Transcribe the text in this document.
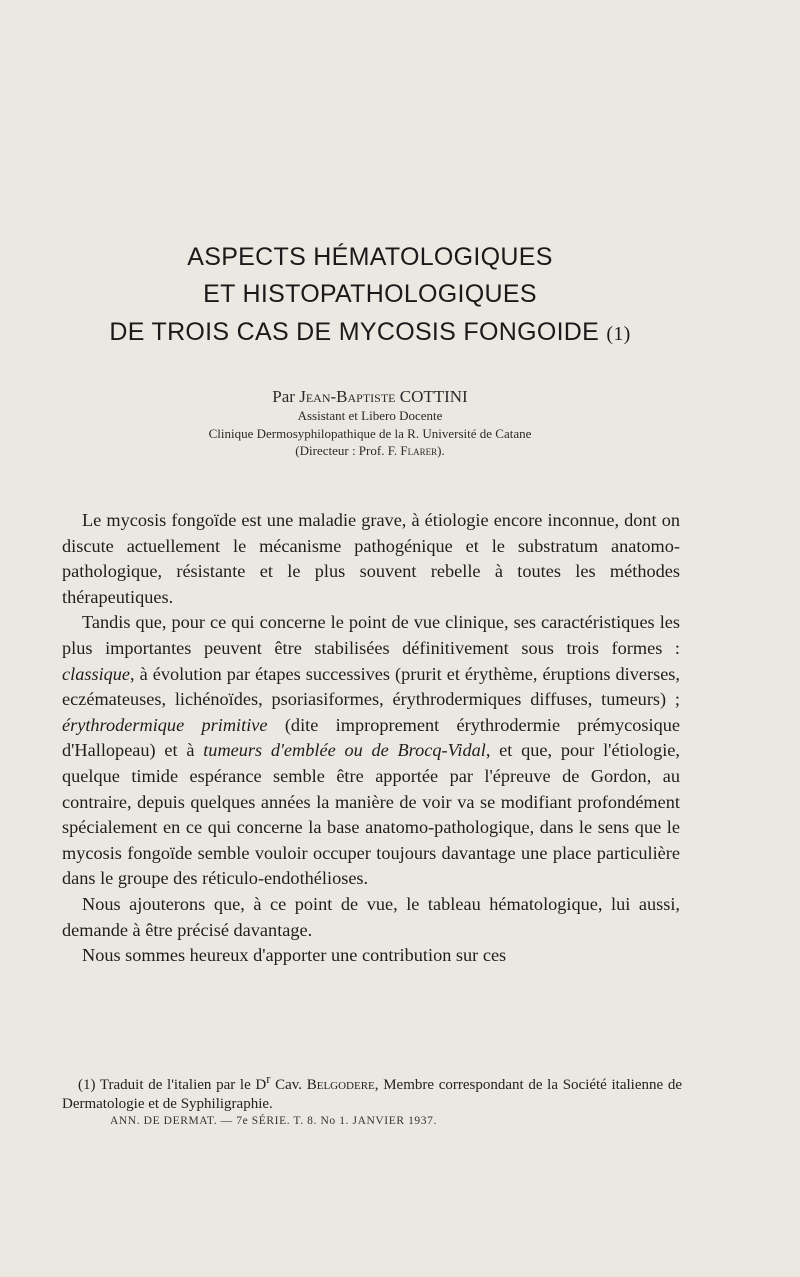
ASPECTS HÉMATOLOGIQUES
ET HISTOPATHOLOGIQUES
DE TROIS CAS DE MYCOSIS FONGOIDE (1)
Par Jean-Baptiste COTTINI
Assistant et Libero Docente
Clinique Dermosyphilopathique de la R. Université de Catane
(Directeur : Prof. F. Flarer).

Le mycosis fongoïde est une maladie grave, à étiologie encore inconnue, dont on discute actuellement le mécanisme pathogénique et le substratum anatomo-pathologique, résistante et le plus souvent rebelle à toutes les méthodes thérapeutiques.

Tandis que, pour ce qui concerne le point de vue clinique, ses caractéristiques les plus importantes peuvent être stabilisées définitivement sous trois formes : classique, à évolution par étapes successives (prurit et érythème, éruptions diverses, eczémateuses, lichénoïdes, psoriasiformes, érythrodermiques diffuses, tumeurs) ; érythrodermique primitive (dite improprement érythrodermie prémycosique d'Hallopeau) et à tumeurs d'emblée ou de Brocq-Vidal, et que, pour l'étiologie, quelque timide espérance semble être apportée par l'épreuve de Gordon, au contraire, depuis quelques années la manière de voir va se modifiant profondément spécialement en ce qui concerne la base anatomo-pathologique, dans le sens que le mycosis fongoïde semble vouloir occuper toujours davantage une place particulière dans le groupe des réticulo-endothélioses.

Nous ajouterons que, à ce point de vue, le tableau hématologique, lui aussi, demande à être précisé davantage.

Nous sommes heureux d'apporter une contribution sur ces

(1) Traduit de l'italien par le $D^r$ Cav. Belgodere, Membre correspondant de la Société italienne de Dermatologie et de Syphiligraphie.

ANN. DE DERMAT. — 7e SÉRIE. T. 8. No 1. JANVIER 1937.
